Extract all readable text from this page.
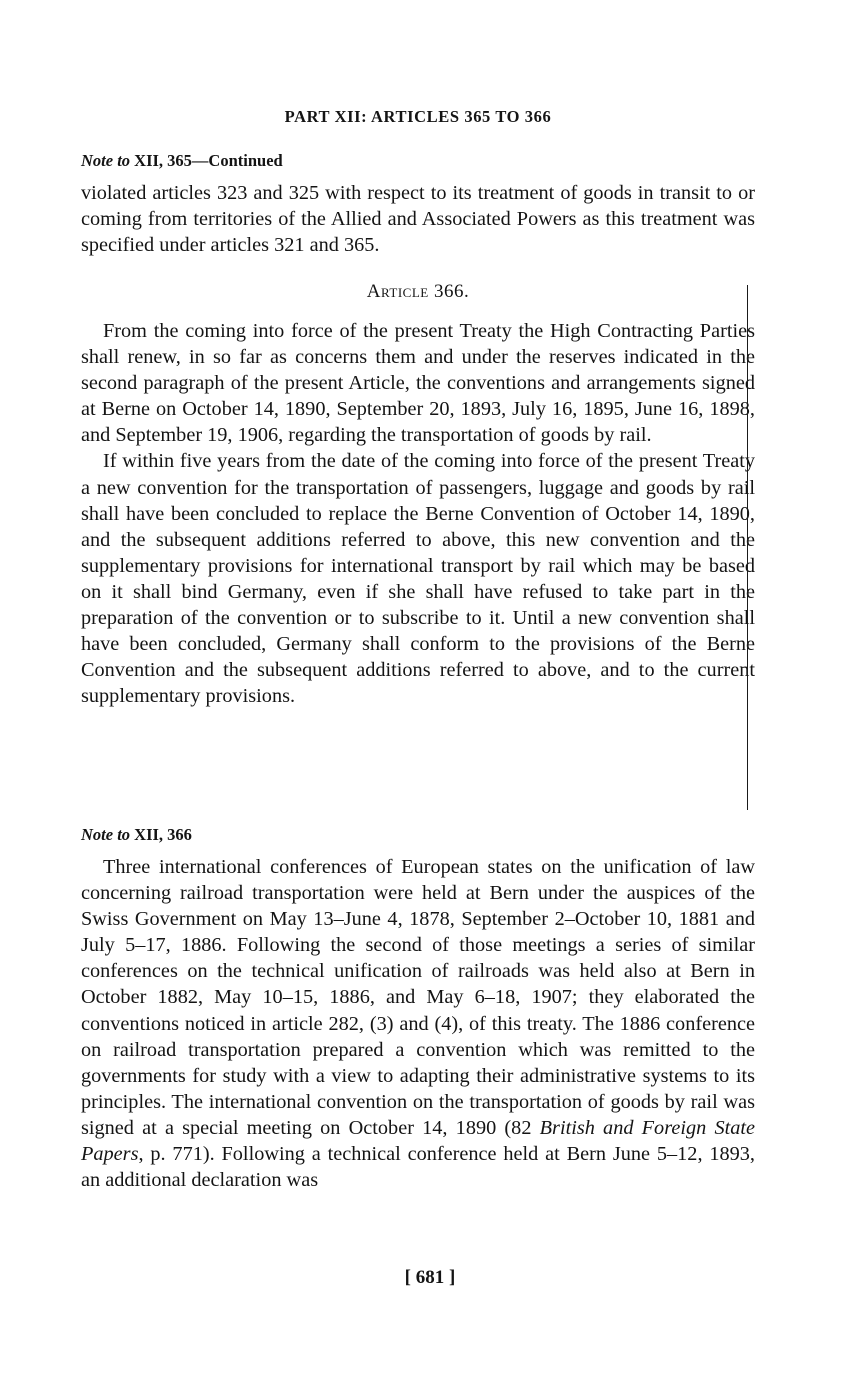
PART XII: ARTICLES 365 TO 366
Note to XII, 365—Continued

violated articles 323 and 325 with respect to its treatment of goods in transit to or coming from territories of the Allied and Associated Powers as this treatment was specified under articles 321 and 365.

Article 366.

From the coming into force of the present Treaty the High Contracting Parties shall renew, in so far as concerns them and under the reserves indicated in the second paragraph of the present Article, the conventions and arrangements signed at Berne on October 14, 1890, September 20, 1893, July 16, 1895, June 16, 1898, and September 19, 1906, regarding the transportation of goods by rail.

If within five years from the date of the coming into force of the present Treaty a new convention for the transportation of passengers, luggage and goods by rail shall have been concluded to replace the Berne Convention of October 14, 1890, and the subsequent additions referred to above, this new convention and the supplementary provisions for international transport by rail which may be based on it shall bind Germany, even if she shall have refused to take part in the preparation of the convention or to subscribe to it. Until a new convention shall have been concluded, Germany shall conform to the provisions of the Berne Convention and the subsequent additions referred to above, and to the current supplementary provisions.

Note to XII, 366

Three international conferences of European states on the unification of law concerning railroad transportation were held at Bern under the auspices of the Swiss Government on May 13–June 4, 1878, September 2–October 10, 1881 and July 5–17, 1886. Following the second of those meetings a series of similar conferences on the technical unification of railroads was held also at Bern in October 1882, May 10–15, 1886, and May 6–18, 1907; they elaborated the conventions noticed in article 282, (3) and (4), of this treaty. The 1886 conference on railroad transportation prepared a convention which was remitted to the governments for study with a view to adapting their administrative systems to its principles. The international convention on the transportation of goods by rail was signed at a special meeting on October 14, 1890 (82 British and Foreign State Papers, p. 771). Following a technical conference held at Bern June 5–12, 1893, an additional declaration was

[ 681 ]
